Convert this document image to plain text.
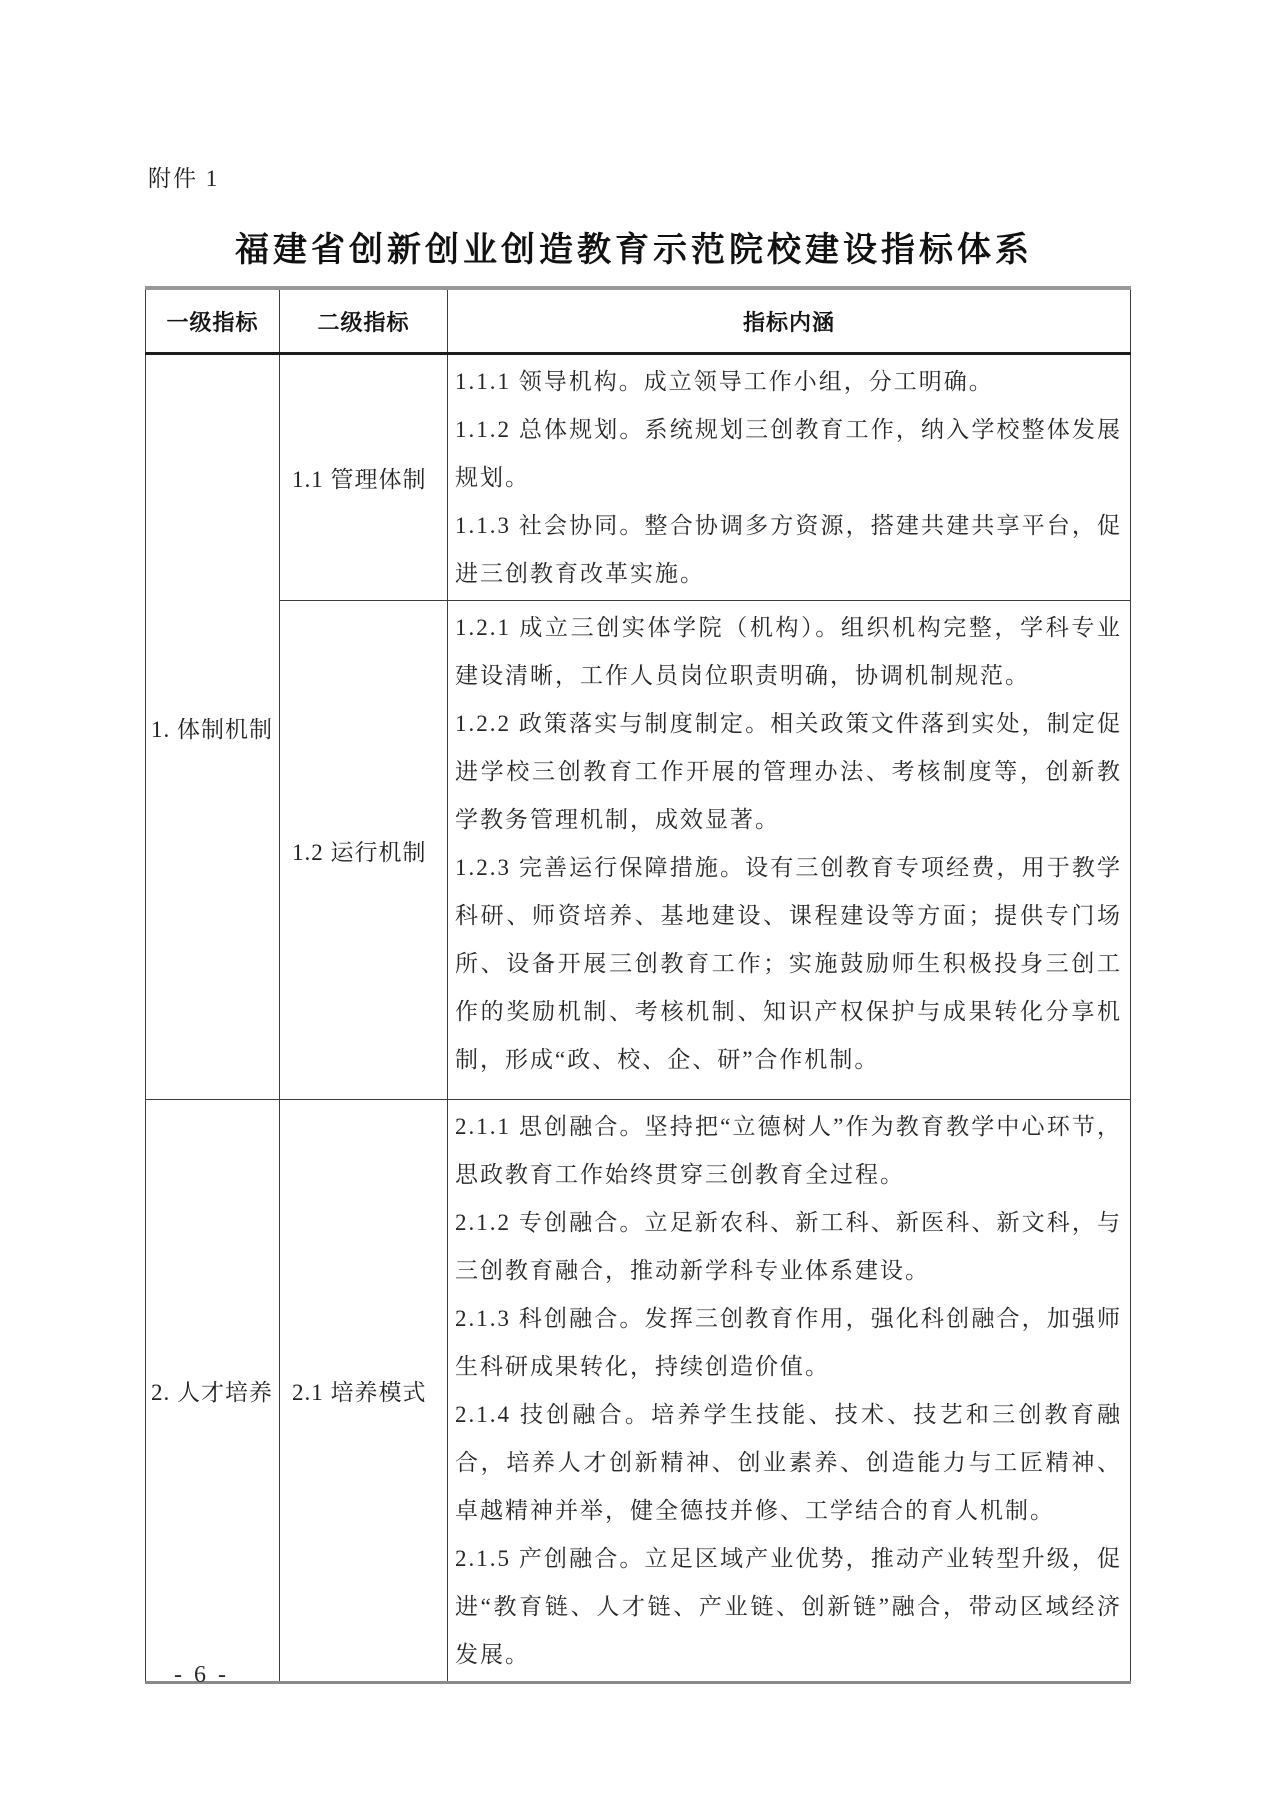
附件 1
福建省创新创业创造教育示范院校建设指标体系
一级指标	二级指标	指标内涵
1. 体制机制	1.1 管理体制	1.1.1 领导机构。成立领导工作小组，分工明确。

1.1.2 总体规划。系统规划三创教育工作，纳入学校整体发展规划。

1.1.3 社会协同。整合协调多方资源，搭建共建共享平台，促进三创教育改革实施。

	1.2 运行机制	1.2.1 成立三创实体学院（机构）。组织机构完整，学科专业建设清晰，工作人员岗位职责明确，协调机制规范。

1.2.2 政策落实与制度制定。相关政策文件落到实处，制定促进学校三创教育工作开展的管理办法、考核制度等，创新教学教务管理机制，成效显著。

1.2.3 完善运行保障措施。设有三创教育专项经费，用于教学科研、师资培养、基地建设、课程建设等方面；提供专门场所、设备开展三创教育工作；实施鼓励师生积极投身三创工作的奖励机制、考核机制、知识产权保护与成果转化分享机制，形成“政、校、企、研”合作机制。

2. 人才培养	2.1 培养模式	2.1.1 思创融合。坚持把“立德树人”作为教育教学中心环节，思政教育工作始终贯穿三创教育全过程。

2.1.2 专创融合。立足新农科、新工科、新医科、新文科，与三创教育融合，推动新学科专业体系建设。

2.1.3 科创融合。发挥三创教育作用，强化科创融合，加强师生科研成果转化，持续创造价值。

2.1.4 技创融合。培养学生技能、技术、技艺和三创教育融合，培养人才创新精神、创业素养、创造能力与工匠精神、卓越精神并举，健全德技并修、工学结合的育人机制。

2.1.5 产创融合。立足区域产业优势，推动产业转型升级，促进“教育链、人才链、产业链、创新链”融合，带动区域经济发展。

- 6 -
